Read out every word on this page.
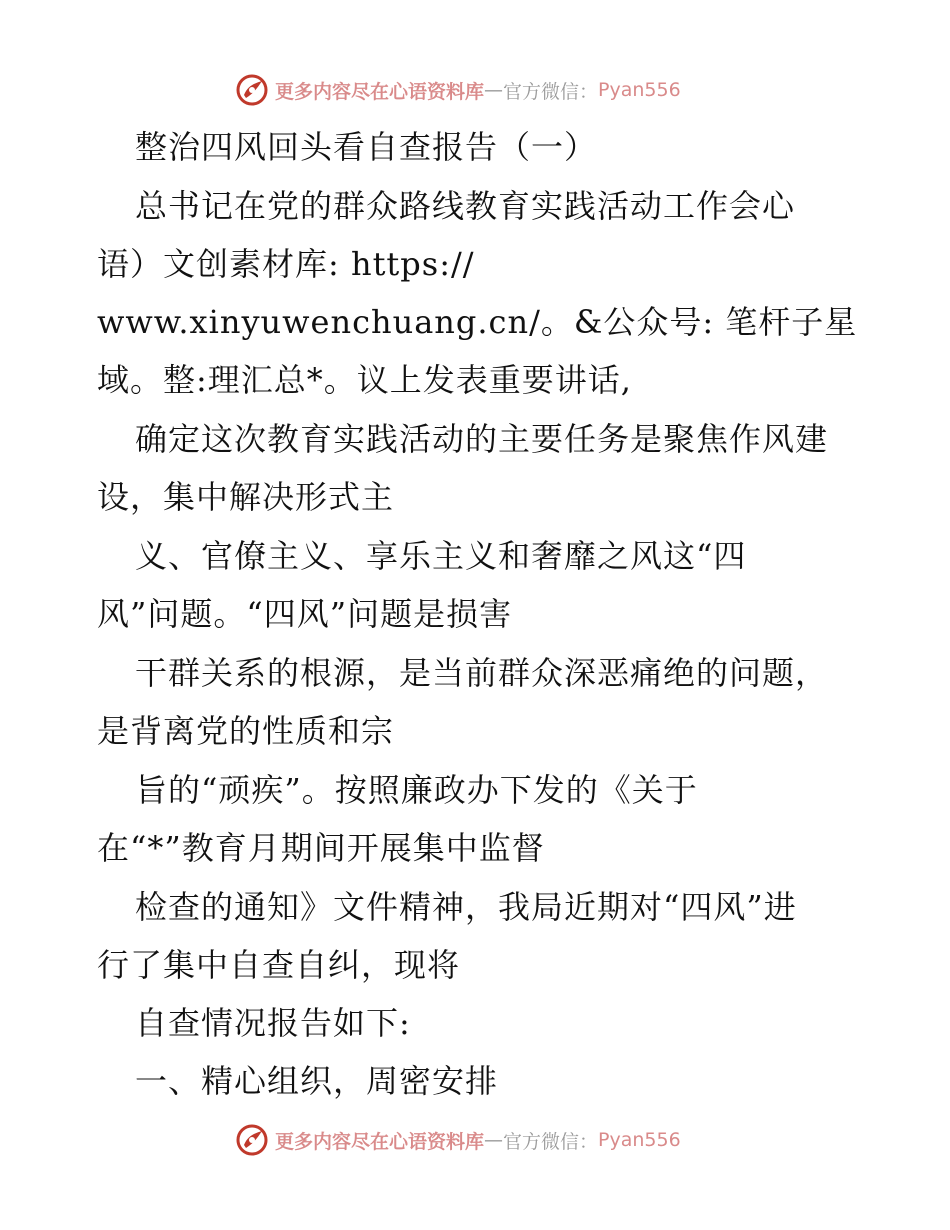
更多内容尽在心语资料库 — 官方微信： Pyan556
整治四风回头看自查报告（一）
总书记在党的群众路线教育实践活动工作会心
语）文创素材库: https://
www.xinyuwenchuang.cn/。&公众号: 笔杆子星
域。整:理汇总*。议上发表重要讲话,
确定这次教育实践活动的主要任务是聚焦作风建
设，集中解决形式主
义、官僚主义、享乐主义和奢靡之风这“四
风”问题。“四风”问题是损害
干群关系的根源，是当前群众深恶痛绝的问题，
是背离党的性质和宗
旨的“顽疾”。按照廉政办下发的《关于
在“*”教育月期间开展集中监督
检查的通知》文件精神，我局近期对“四风”进
行了集中自查自纠，现将
自查情况报告如下:
一、精心组织，周密安排
更多内容尽在心语资料库 — 官方微信： Pyan556
